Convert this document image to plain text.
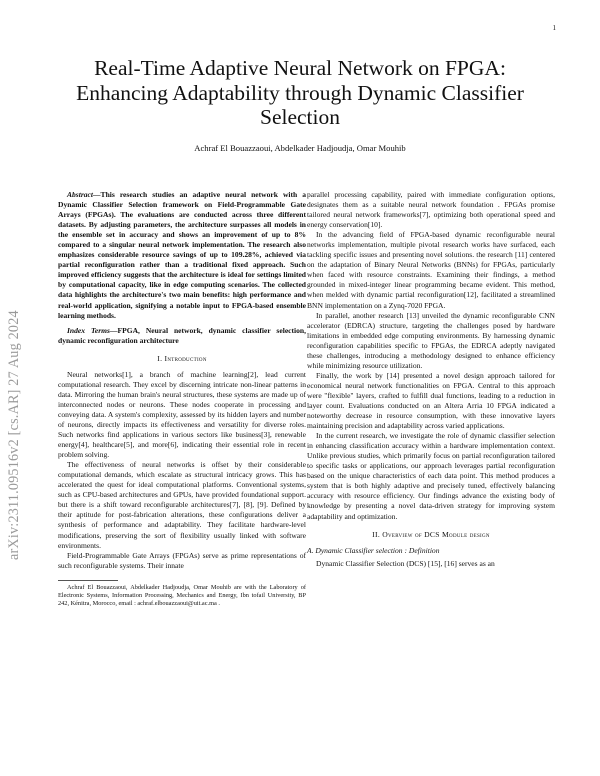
1
arXiv:2311.09516v2 [cs.AR] 27 Aug 2024
Real-Time Adaptive Neural Network on FPGA:
Enhancing Adaptability through Dynamic Classifier
Selection
Achraf El Bouazzaoui, Abdelkader Hadjoudja, Omar Mouhib

Abstract—This research studies an adaptive neural network with a Dynamic Classifier Selection framework on Field-Programmable Gate Arrays (FPGAs). The evaluations are conducted across three different datasets. By adjusting parameters, the architecture surpasses all models in the ensemble set in accuracy and shows an improvement of up to 8% compared to a singular neural network implementation. The research also emphasizes considerable resource savings of up to 109.28%, achieved via partial reconfiguration rather than a traditional fixed approach. Such improved efficiency suggests that the architecture is ideal for settings limited by computational capacity, like in edge computing scenarios. The collected data highlights the architecture's two main benefits: high performance and real-world application, signifying a notable input to FPGA-based ensemble learning methods.

Index Terms—FPGA, Neural network, dynamic classifier selection, dynamic reconfiguration architecture

I. Introduction

Neural networks[1], a branch of machine learning[2], lead current computational research. They excel by discerning intricate non-linear patterns in data. Mirroring the human brain's neural structures, these systems are made up of interconnected nodes or neurons. These nodes cooperate in processing and conveying data. A system's complexity, assessed by its hidden layers and number of neurons, directly impacts its effectiveness and versatility for diverse roles. Such networks find applications in various sectors like business[3], renewable energy[4], healthcare[5], and more[6], indicating their essential role in recent problem solving.

The effectiveness of neural networks is offset by their considerable computational demands, which escalate as structural intricacy grows. This has accelerated the quest for ideal computational platforms. Conventional systems, such as CPU-based architectures and GPUs, have provided foundational support. but there is a shift toward reconfigurable architectures[7], [8], [9]. Defined by their aptitude for post-fabrication alterations, these configurations deliver a synthesis of performance and adaptability. They facilitate hardware-level modifications, preserving the sort of flexibility usually linked with software environments.

Field-Programmable Gate Arrays (FPGAs) serve as prime representations of such reconfigurable systems. Their innate

Achraf El Bouazzaoui, Abdelkader Hadjoudja, Omar Mouhib are with the Laboratory of Electronic Systems, Information Processing, Mechanics and Energy, Ibn tofail University, BP 242, Kénitra, Morocco, email : achraf.elbouazzaoui@uit.ac.ma .

parallel processing capability, paired with immediate configuration options, designates them as a suitable neural network foundation . FPGAs promise tailored neural network frameworks[7], optimizing both operational speed and energy conservation[10].

In the advancing field of FPGA-based dynamic reconfigurable neural networks implementation, multiple pivotal research works have surfaced, each tackling specific issues and presenting novel solutions. the research [11] centered on the adaptation of Binary Neural Networks (BNNs) for FPGAs, particularly when faced with resource constraints. Examining their findings, a method grounded in mixed-integer linear programming became evident. This method, when melded with dynamic partial reconfiguration[12], facilitated a streamlined BNN implementation on a Zynq-7020 FPGA.

In parallel, another research [13] unveiled the dynamic reconfigurable CNN accelerator (EDRCA) structure, targeting the challenges posed by hardware limitations in embedded edge computing environments. By harnessing dynamic reconfiguration capabilities specific to FPGAs, the EDRCA adeptly navigated these challenges, introducing a methodology designed to enhance efficiency while minimizing resource utilization.

Finally, the work by [14] presented a novel design approach tailored for economical neural network functionalities on FPGA. Central to this approach were "flexible" layers, crafted to fulfill dual functions, leading to a reduction in layer count. Evaluations conducted on an Altera Arria 10 FPGA indicated a noteworthy decrease in resource consumption, with these innovative layers maintaining precision and adaptability across varied applications.

In the current research, we investigate the role of dynamic classifier selection in enhancing classification accuracy within a hardware implementation context. Unlike previous studies, which primarily focus on partial reconfiguration tailored to specific tasks or applications, our approach leverages partial reconfiguration based on the unique characteristics of each data point. This method produces a system that is both highly adaptive and precisely tuned, effectively balancing accuracy with resource efficiency. Our findings advance the existing body of knowledge by presenting a novel data-driven strategy for improving system adaptability and optimization.

II. Overview of DCS Module design
A. Dynamic Classifier selection : Definition

Dynamic Classifier Selection (DCS) [15], [16] serves as an
